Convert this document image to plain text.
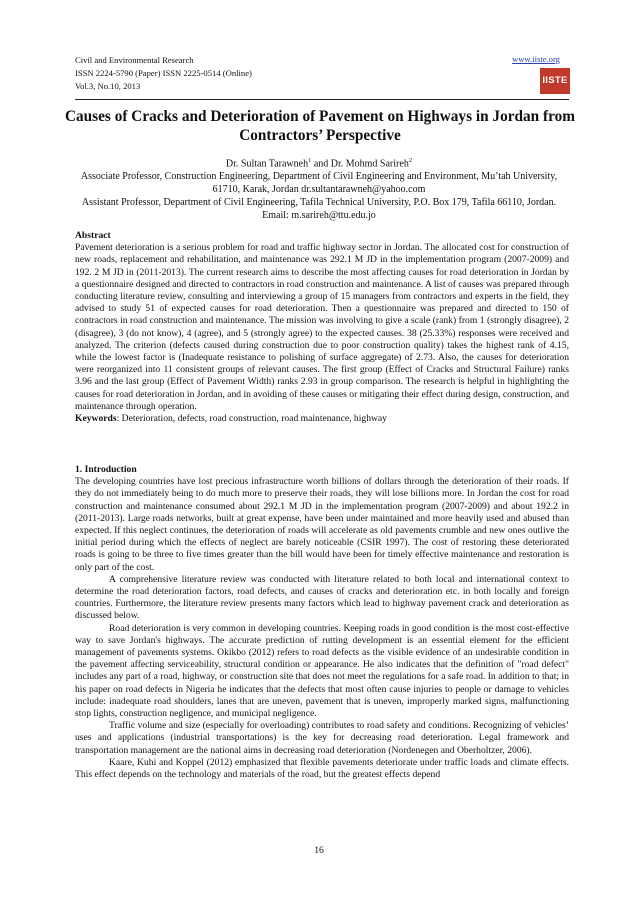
Civil and Environmental Research
ISSN 2224-5790 (Paper) ISSN 2225-0514 (Online)
Vol.3, No.10, 2013
www.iiste.org
IISTE
Causes of Cracks and Deterioration of Pavement on Highways in Jordan from Contractors’ Perspective
Dr. Sultan Tarawneh$^1$ and Dr. Mohmd Sarireh$^2$
Associate Professor, Construction Engineering, Department of Civil Engineering and Environment, Mu’tah University, 61710, Karak, Jordan dr.sultantarawneh@yahoo.com
Assistant Professor, Department of Civil Engineering, Tafila Technical University, P.O. Box 179, Tafila 66110, Jordan. Email: m.sarireh@ttu.edu.jo

Abstract

Pavement deterioration is a serious problem for road and traffic highway sector in Jordan. The allocated cost for construction of new roads, replacement and rehabilitation, and maintenance was 292.1 M JD in the implementation program (2007-2009) and 192. 2 M JD in (2011-2013). The current research aims to describe the most affecting causes for road deterioration in Jordan by a questionnaire designed and directed to contractors in road construction and maintenance. A list of causes was prepared through conducting literature review, consulting and interviewing a group of 15 managers from contractors and experts in the field, they advised to study 51 of expected causes for road deterioration. Then a questionnaire was prepared and directed to 150 of contractors in road construction and maintenance. The mission was involving to give a scale (rank) from 1 (strongly disagree), 2 (disagree), 3 (do not know), 4 (agree), and 5 (strongly agree) to the expected causes. 38 (25.33%) responses were received and analyzed. The criterion (defects caused during construction due to poor construction quality) takes the highest rank of 4.15, while the lowest factor is (Inadequate resistance to polishing of surface aggregate) of 2.73. Also, the causes for deterioration were reorganized into 11 consistent groups of relevant causes. The first group (Effect of Cracks and Structural Failure) ranks 3.96 and the last group (Effect of Pavement Width) ranks 2.93 in group comparison. The research is helpful in highlighting the causes for road deterioration in Jordan, and in avoiding of these causes or mitigating their effect during design, construction, and maintenance through operation.

Keywords: Deterioration, defects, road construction, road maintenance, highway

1. Introduction

The developing countries have lost precious infrastructure worth billions of dollars through the deterioration of their roads. If they do not immediately being to do much more to preserve their roads, they will lose billions more. In Jordan the cost for road construction and maintenance consumed about 292.1 M JD in the implementation program (2007-2009) and about 192.2 in (2011-2013). Large roads networks, built at great expense, have been under maintained and more heavily used and abused than expected. If this neglect continues, the deterioration of roads will accelerate as old pavements crumble and new ones outlive the initial period during which the effects of neglect are barely noticeable (CSIR 1997). The cost of restoring these deteriorated roads is going to be three to five times greater than the bill would have been for timely effective maintenance and restoration is only part of the cost.

A comprehensive literature review was conducted with literature related to both local and international context to determine the road deterioration factors, road defects, and causes of cracks and deterioration etc. in both locally and foreign countries. Furthermore, the literature review presents many factors which lead to highway pavement crack and deterioration as discussed below.

Road deterioration is very common in developing countries. Keeping roads in good condition is the most cost-effective way to save Jordan's highways. The accurate prediction of rutting development is an essential element for the efficient management of pavements systems. Okikbo (2012) refers to road defects as the visible evidence of an undesirable condition in the pavement affecting serviceability, structural condition or appearance. He also indicates that the definition of "road defect" includes any part of a road, highway, or construction site that does not meet the regulations for a safe road. In addition to that; in his paper on road defects in Nigeria he indicates that the defects that most often cause injuries to people or damage to vehicles include: inadequate road shoulders, lanes that are uneven, pavement that is uneven, improperly marked signs, malfunctioning stop lights, construction negligence, and municipal negligence.

Traffic volume and size (especially for overloading) contributes to road safety and conditions. Recognizing of vehicles’ uses and applications (industrial transportations) is the key for decreasing road deterioration. Legal framework and transportation management are the national aims in decreasing road deterioration (Nordenegen and Oberholtzer, 2006).

Kaare, Kuhi and Koppel (2012) emphasized that flexible pavements deteriorate under traffic loads and climate effects. This effect depends on the technology and materials of the road, but the greatest effects depend

16
